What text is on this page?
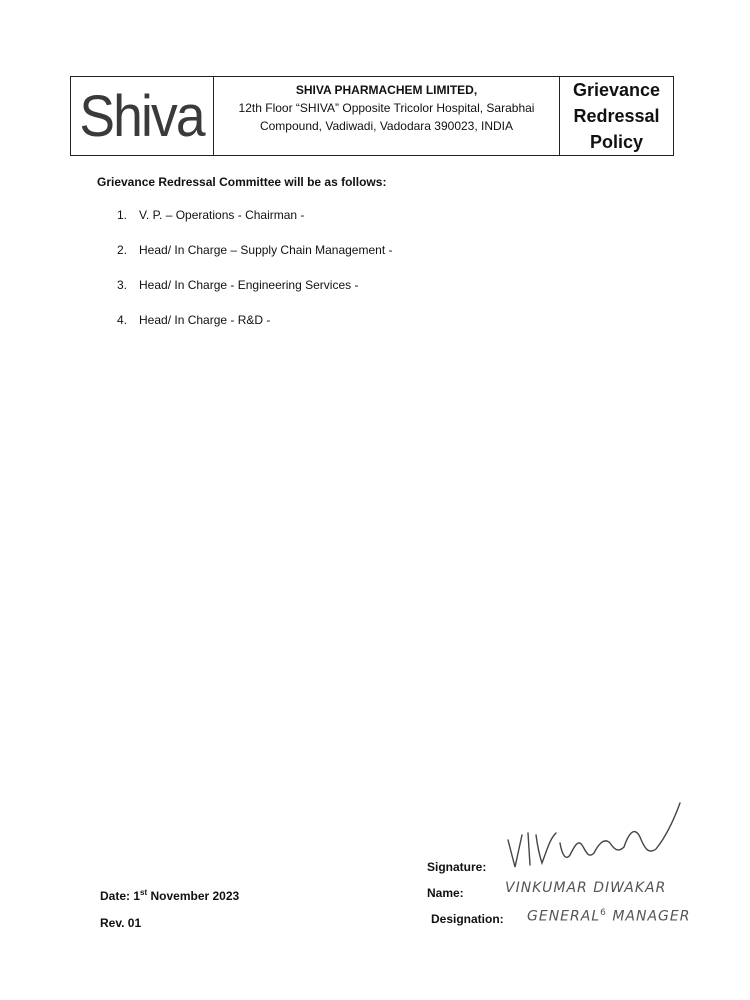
Shiva	SHIVA PHARMACHEM LIMITED,
12th Floor “SHIVA” Opposite Tricolor Hospital, Sarabhai
Compound, Vadiwadi, Vadodara 390023, INDIA
Grievance
Redressal
Policy
Grievance Redressal Committee will be as follows:
1. V. P. – Operations - Chairman -
2. Head/ In Charge – Supply Chain Management -
3. Head/ In Charge - Engineering Services -
4. Head/ In Charge - R&D -
Date: 1st November 2023
Rev. 01
Signature:
Name:
Designation:
VINKUMAR DIWAKAR
GENERAL$^6$ MANAGER
